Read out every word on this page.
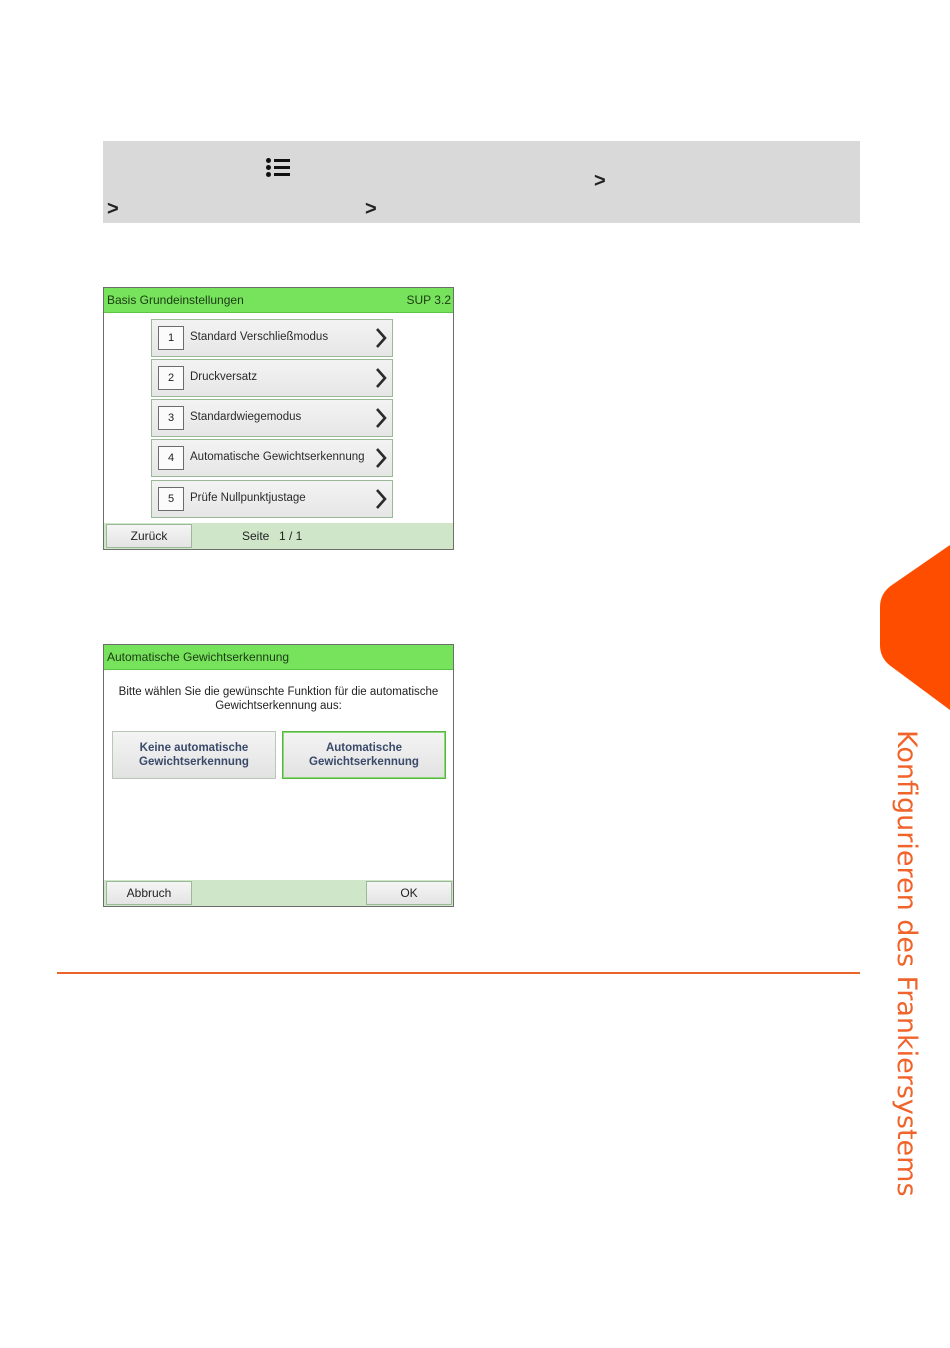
>
>	>
Basis Grundeinstellungen	SUP 3.2
1	Standard Verschließmodus
2	Druckversatz
3	Standardwiegemodus
4	Automatische Gewichtserkennung
5	Prüfe Nullpunktjustage
Zurück	Seite 1 / 1
Automatische Gewichtserkennung
Bitte wählen Sie die gewünschte Funktion für die automatische
Gewichtserkennung aus:
Keine automatische
Gewichtserkennung
Automatische
Gewichtserkennung
Abbruch	OK	Konfigurieren des Frankiersystems
